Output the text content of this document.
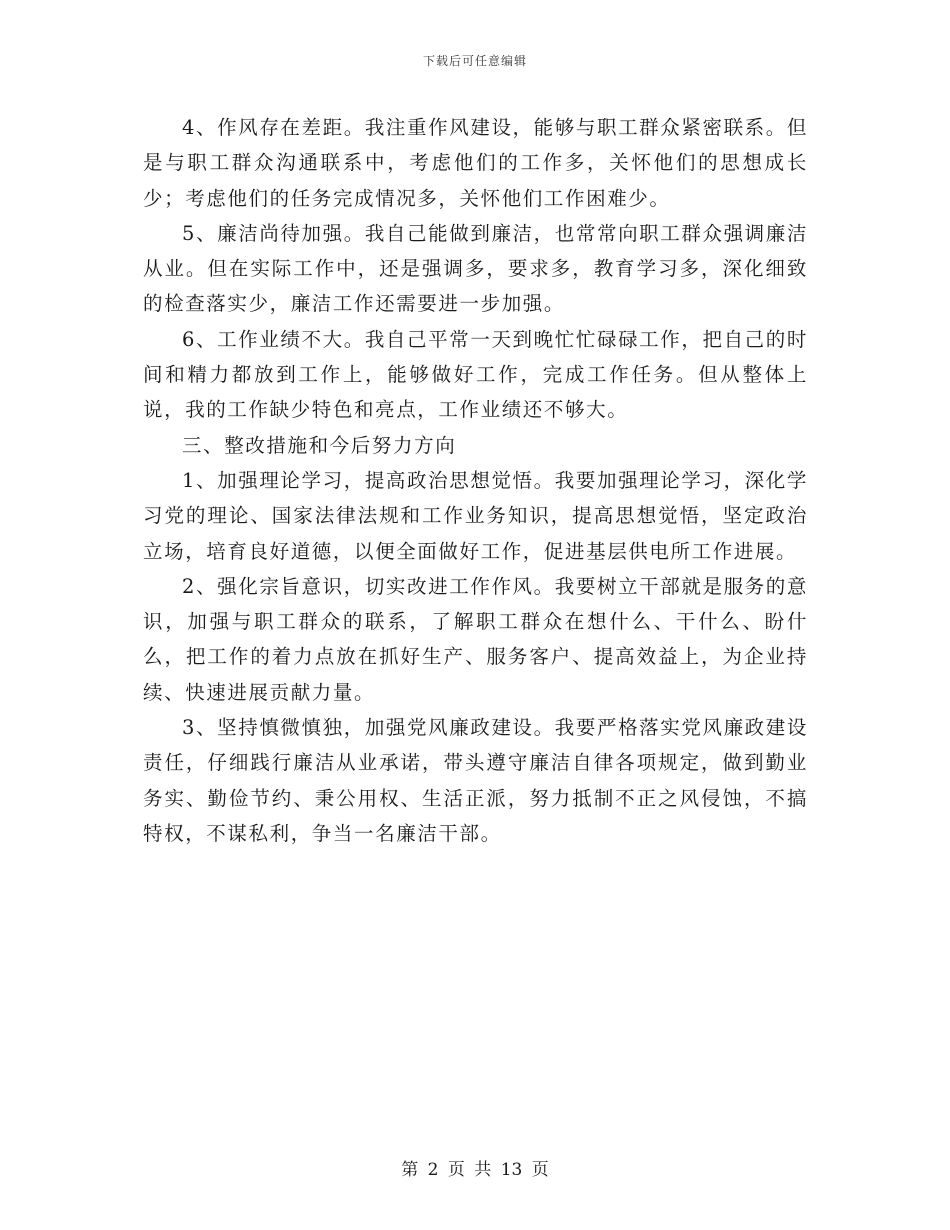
下载后可任意编辑

4、作风存在差距。我注重作风建设，能够与职工群众紧密联系。但是与职工群众沟通联系中，考虑他们的工作多，关怀他们的思想成长少；考虑他们的任务完成情况多，关怀他们工作困难少。

5、廉洁尚待加强。我自己能做到廉洁，也常常向职工群众强调廉洁从业。但在实际工作中，还是强调多，要求多，教育学习多，深化细致的检查落实少，廉洁工作还需要进一步加强。

6、工作业绩不大。我自己平常一天到晚忙忙碌碌工作，把自己的时间和精力都放到工作上，能够做好工作，完成工作任务。但从整体上说，我的工作缺少特色和亮点，工作业绩还不够大。

三、整改措施和今后努力方向

1、加强理论学习，提高政治思想觉悟。我要加强理论学习，深化学习党的理论、国家法律法规和工作业务知识，提高思想觉悟，坚定政治立场，培育良好道德，以便全面做好工作，促进基层供电所工作进展。

2、强化宗旨意识，切实改进工作作风。我要树立干部就是服务的意识，加强与职工群众的联系，了解职工群众在想什么、干什么、盼什么，把工作的着力点放在抓好生产、服务客户、提高效益上，为企业持续、快速进展贡献力量。

3、坚持慎微慎独，加强党风廉政建设。我要严格落实党风廉政建设责任，仔细践行廉洁从业承诺，带头遵守廉洁自律各项规定，做到勤业务实、勤俭节约、秉公用权、生活正派，努力抵制不正之风侵蚀，不搞特权，不谋私利，争当一名廉洁干部。

第 2 页 共 13 页
